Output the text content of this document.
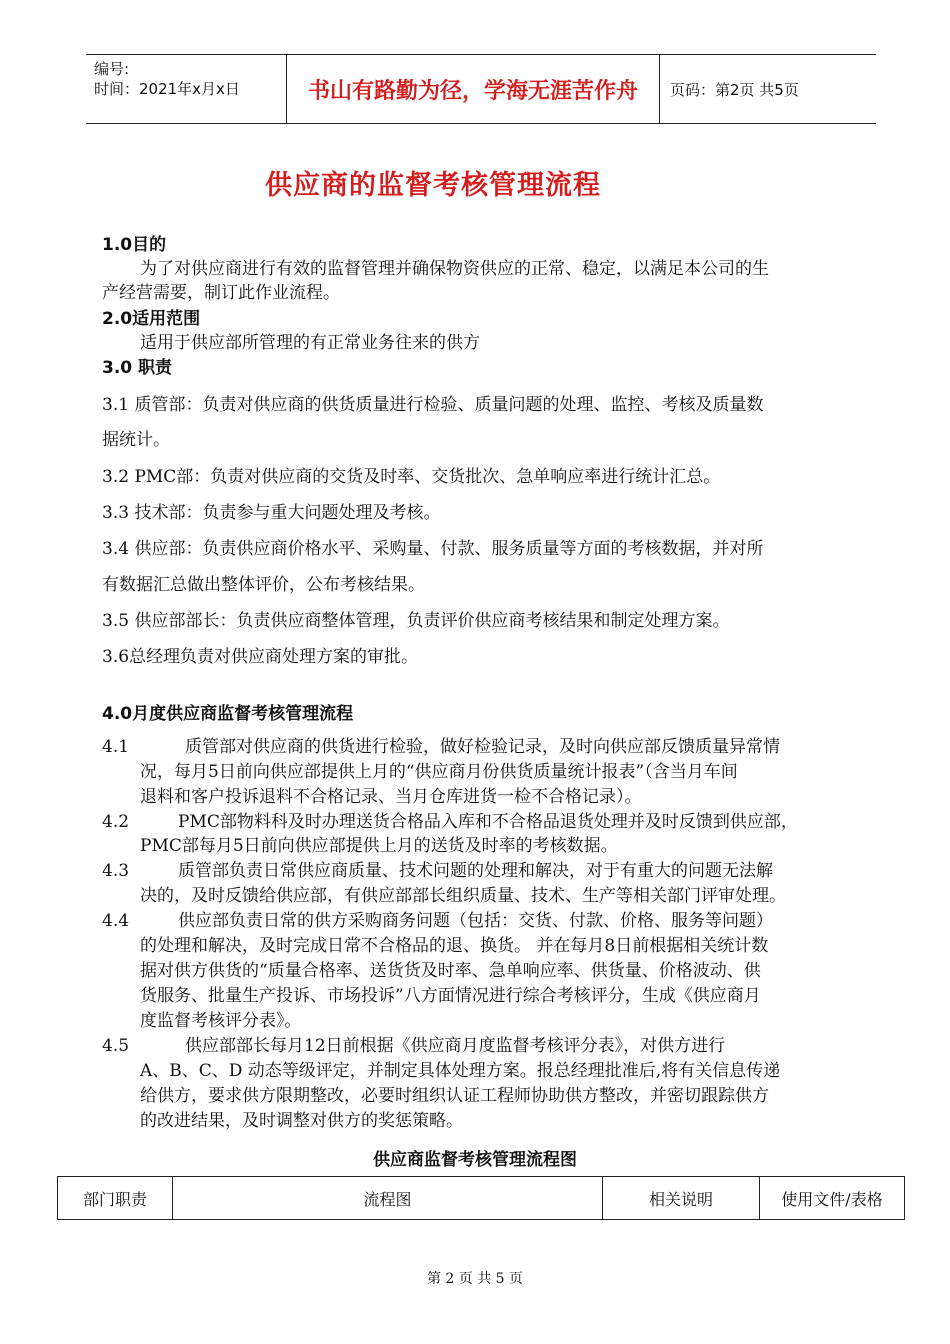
编号:
时间：2021年x月x日	书山有路勤为径，学海无涯苦作舟	页码：第2页 共5页
供应商的监督考核管理流程
1.0目的
为了对供应商进行有效的监督管理并确保物资供应的正常、稳定，以满足本公司的生
产经营需要，制订此作业流程。
2.0适用范围
适用于供应部所管理的有正常业务往来的供方
3.0 职责
3.1 质管部：负责对供应商的供货质量进行检验、质量问题的处理、监控、考核及质量数
据统计。
3.2 PMC部：负责对供应商的交货及时率、交货批次、急单响应率进行统计汇总。
3.3 技术部：负责参与重大问题处理及考核。
3.4 供应部：负责供应商价格水平、采购量、付款、服务质量等方面的考核数据，并对所
有数据汇总做出整体评价，公布考核结果。
3.5 供应部部长：负责供应商整体管理，负责评价供应商考核结果和制定处理方案。
3.6总经理负责对供应商处理方案的审批。
4.0月度供应商监督考核管理流程
4.1	质管部对供应商的供货进行检验，做好检验记录，及时向供应部反馈质量异常情
况，每月5日前向供应部提供上月的“供应商月份供货质量统计报表”（含当月车间
退料和客户投诉退料不合格记录、当月仓库进货一检不合格记录）。
4.2	PMC部物料科及时办理送货合格品入库和不合格品退货处理并及时反馈到供应部，
PMC部每月5日前向供应部提供上月的送货及时率的考核数据。
4.3	质管部负责日常供应商质量、技术问题的处理和解决，对于有重大的问题无法解
决的，及时反馈给供应部，有供应部部长组织质量、技术、生产等相关部门评审处理。
4.4	供应部负责日常的供方采购商务问题（包括：交货、付款、价格、服务等问题）
的处理和解决，及时完成日常不合格品的退、换货。 并在每月8日前根据相关统计数
据对供方供货的“质量合格率、送货货及时率、急单响应率、供货量、价格波动、供
货服务、批量生产投诉、市场投诉”八方面情况进行综合考核评分，生成《供应商月
度监督考核评分表》。
4.5	供应部部长每月12日前根据《供应商月度监督考核评分表》，对供方进行
A、B、C、D 动态等级评定，并制定具体处理方案。报总经理批准后,将有关信息传递
给供方，要求供方限期整改，必要时组织认证工程师协助供方整改，并密切跟踪供方
的改进结果，及时调整对供方的奖惩策略。
供应商监督考核管理流程图
部门职责	流程图	相关说明	使用文件/表格
第 2 页 共 5 页
